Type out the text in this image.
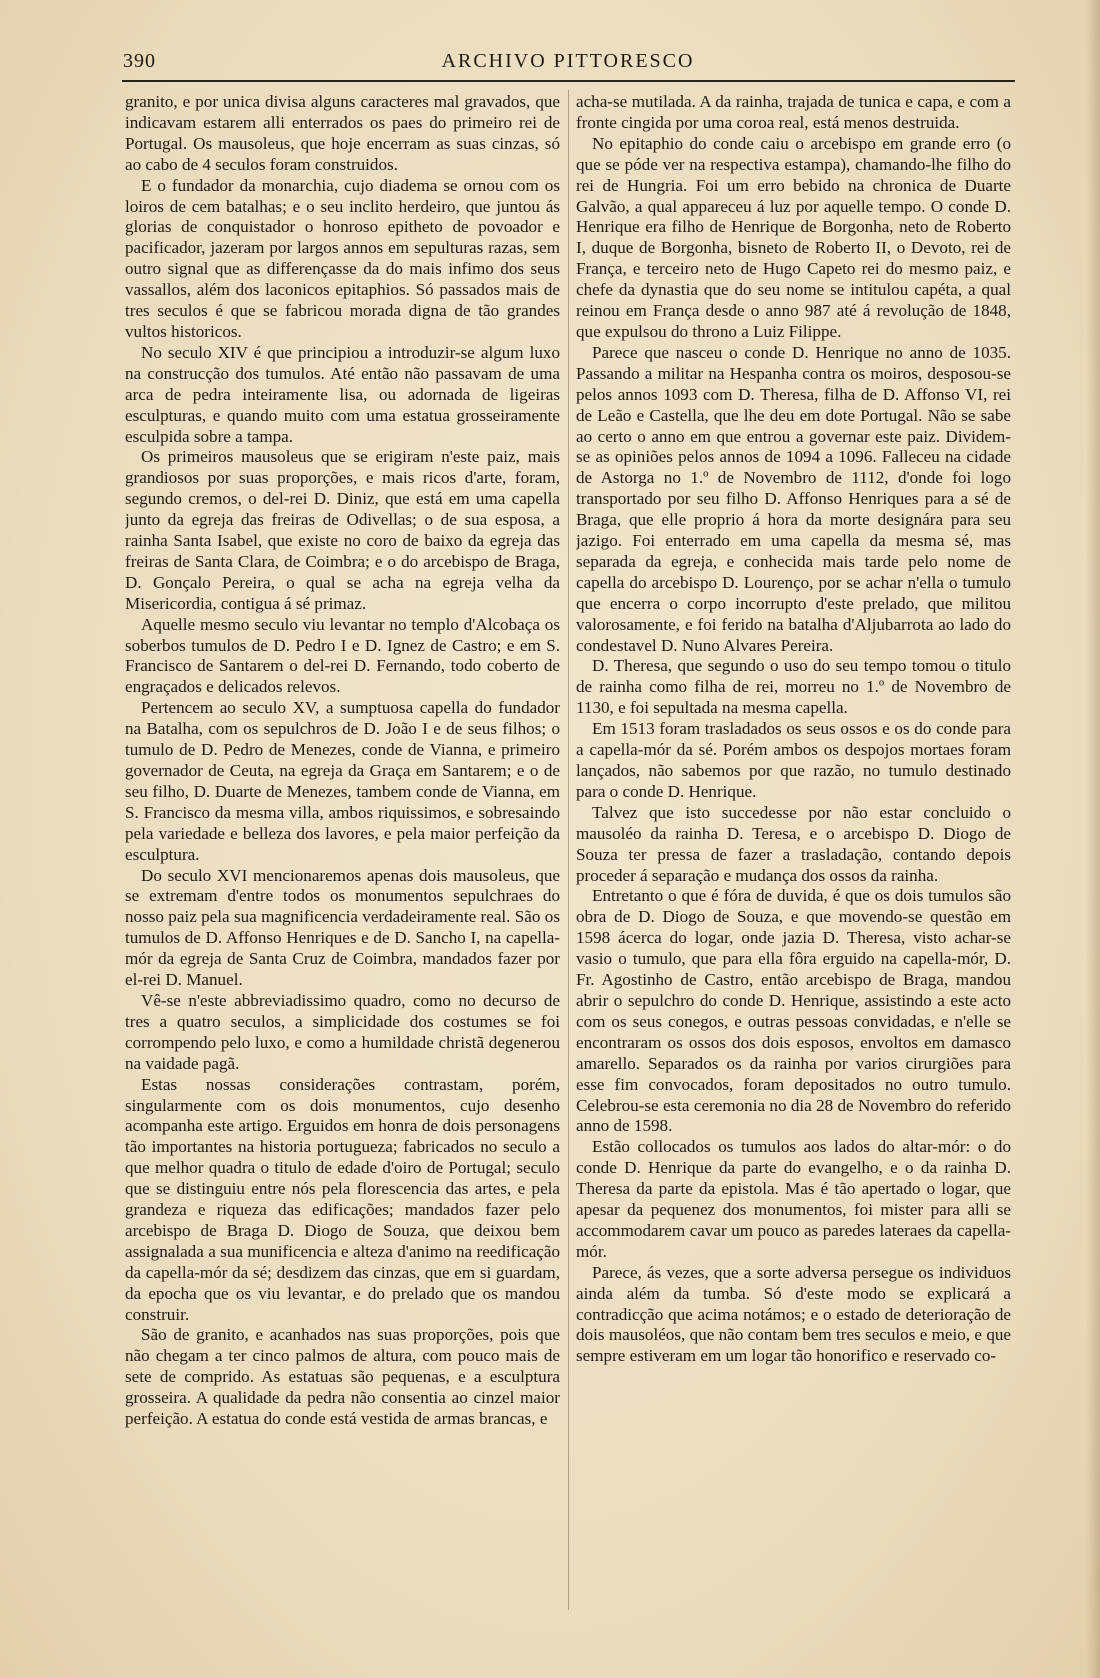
390	ARCHIVO PITTORESCO

granito, e por unica divisa alguns caracteres mal gravados, que indicavam estarem alli enterrados os paes do primeiro rei de Portugal. Os mausoleus, que hoje encerram as suas cinzas, só ao cabo de 4 seculos foram construidos.

E o fundador da monarchia, cujo diadema se ornou com os loiros de cem batalhas; e o seu inclito herdeiro, que juntou ás glorias de conquistador o honroso epitheto de povoador e pacificador, jazeram por largos annos em sepulturas razas, sem outro signal que as differençasse da do mais infimo dos seus vassallos, além dos laconicos epitaphios. Só passados mais de tres seculos é que se fabricou morada digna de tão grandes vultos historicos.

No seculo XIV é que principiou a introduzir-se algum luxo na construcção dos tumulos. Até então não passavam de uma arca de pedra inteiramente lisa, ou adornada de ligeiras esculpturas, e quando muito com uma estatua grosseiramente esculpida sobre a tampa.

Os primeiros mausoleus que se erigiram n'este paiz, mais grandiosos por suas proporções, e mais ricos d'arte, foram, segundo cremos, o del-rei D. Diniz, que está em uma capella junto da egreja das freiras de Odivellas; o de sua esposa, a rainha Santa Isabel, que existe no coro de baixo da egreja das freiras de Santa Clara, de Coimbra; e o do arcebispo de Braga, D. Gonçalo Pereira, o qual se acha na egreja velha da Misericordia, contigua á sé primaz.

Aquelle mesmo seculo viu levantar no templo d'Alcobaça os soberbos tumulos de D. Pedro I e D. Ignez de Castro; e em S. Francisco de Santarem o del-rei D. Fernando, todo coberto de engraçados e delicados relevos.

Pertencem ao seculo XV, a sumptuosa capella do fundador na Batalha, com os sepulchros de D. João I e de seus filhos; o tumulo de D. Pedro de Menezes, conde de Vianna, e primeiro governador de Ceuta, na egreja da Graça em Santarem; e o de seu filho, D. Duarte de Menezes, tambem conde de Vianna, em S. Francisco da mesma villa, ambos riquissimos, e sobresaindo pela variedade e belleza dos lavores, e pela maior perfeição da esculptura.

Do seculo XVI mencionaremos apenas dois mausoleus, que se extremam d'entre todos os monumentos sepulchraes do nosso paiz pela sua magnificencia verdadeiramente real. São os tumulos de D. Affonso Henriques e de D. Sancho I, na capella-mór da egreja de Santa Cruz de Coimbra, mandados fazer por el-rei D. Manuel.

Vê-se n'este abbreviadissimo quadro, como no decurso de tres a quatro seculos, a simplicidade dos costumes se foi corrompendo pelo luxo, e como a humildade christã degenerou na vaidade pagã.

Estas nossas considerações contrastam, porém, singularmente com os dois monumentos, cujo desenho acompanha este artigo. Erguidos em honra de dois personagens tão importantes na historia portugueza; fabricados no seculo a que melhor quadra o titulo de edade d'oiro de Portugal; seculo que se distinguiu entre nós pela florescencia das artes, e pela grandeza e riqueza das edificações; mandados fazer pelo arcebispo de Braga D. Diogo de Souza, que deixou bem assignalada a sua munificencia e alteza d'animo na reedificação da capella-mór da sé; desdizem das cinzas, que em si guardam, da epocha que os viu levantar, e do prelado que os mandou construir.

São de granito, e acanhados nas suas proporções, pois que não chegam a ter cinco palmos de altura, com pouco mais de sete de comprido. As estatuas são pequenas, e a esculptura grosseira. A qualidade da pedra não consentia ao cinzel maior perfeição. A estatua do conde está vestida de armas brancas, e

acha-se mutilada. A da rainha, trajada de tunica e capa, e com a fronte cingida por uma coroa real, está menos destruida.

No epitaphio do conde caiu o arcebispo em grande erro (o que se póde ver na respectiva estampa), chamando-lhe filho do rei de Hungria. Foi um erro bebido na chronica de Duarte Galvão, a qual appareceu á luz por aquelle tempo. O conde D. Henrique era filho de Henrique de Borgonha, neto de Roberto I, duque de Borgonha, bisneto de Roberto II, o Devoto, rei de França, e terceiro neto de Hugo Capeto rei do mesmo paiz, e chefe da dynastia que do seu nome se intitulou capéta, a qual reinou em França desde o anno 987 até á revolução de 1848, que expulsou do throno a Luiz Filippe.

Parece que nasceu o conde D. Henrique no anno de 1035. Passando a militar na Hespanha contra os moiros, desposou-se pelos annos 1093 com D. Theresa, filha de D. Affonso VI, rei de Leão e Castella, que lhe deu em dote Portugal. Não se sabe ao certo o anno em que entrou a governar este paiz. Dividem-se as opiniões pelos annos de 1094 a 1096. Falleceu na cidade de Astorga no 1.º de Novembro de 1112, d'onde foi logo transportado por seu filho D. Affonso Henriques para a sé de Braga, que elle proprio á hora da morte designára para seu jazigo. Foi enterrado em uma capella da mesma sé, mas separada da egreja, e conhecida mais tarde pelo nome de capella do arcebispo D. Lourenço, por se achar n'ella o tumulo que encerra o corpo incorrupto d'este prelado, que militou valorosamente, e foi ferido na batalha d'Aljubarrota ao lado do condestavel D. Nuno Alvares Pereira.

D. Theresa, que segundo o uso do seu tempo tomou o titulo de rainha como filha de rei, morreu no 1.º de Novembro de 1130, e foi sepultada na mesma capella.

Em 1513 foram trasladados os seus ossos e os do conde para a capella-mór da sé. Porém ambos os despojos mortaes foram lançados, não sabemos por que razão, no tumulo destinado para o conde D. Henrique.

Talvez que isto succedesse por não estar concluido o mausoléo da rainha D. Teresa, e o arcebispo D. Diogo de Souza ter pressa de fazer a trasladação, contando depois proceder á separação e mudança dos ossos da rainha.

Entretanto o que é fóra de duvida, é que os dois tumulos são obra de D. Diogo de Souza, e que movendo-se questão em 1598 ácerca do logar, onde jazia D. Theresa, visto achar-se vasio o tumulo, que para ella fôra erguido na capella-mór, D. Fr. Agostinho de Castro, então arcebispo de Braga, mandou abrir o sepulchro do conde D. Henrique, assistindo a este acto com os seus conegos, e outras pessoas convidadas, e n'elle se encontraram os ossos dos dois esposos, envoltos em damasco amarello. Separados os da rainha por varios cirurgiões para esse fim convocados, foram depositados no outro tumulo. Celebrou-se esta ceremonia no dia 28 de Novembro do referido anno de 1598.

Estão collocados os tumulos aos lados do altar-mór: o do conde D. Henrique da parte do evangelho, e o da rainha D. Theresa da parte da epistola. Mas é tão apertado o logar, que apesar da pequenez dos monumentos, foi mister para alli se accommodarem cavar um pouco as paredes lateraes da capella-mór.

Parece, ás vezes, que a sorte adversa persegue os individuos ainda além da tumba. Só d'este modo se explicará a contradicção que acima notámos; e o estado de deterioração de dois mausoléos, que não contam bem tres seculos e meio, e que sempre estiveram em um logar tão honorifico e reservado co-
